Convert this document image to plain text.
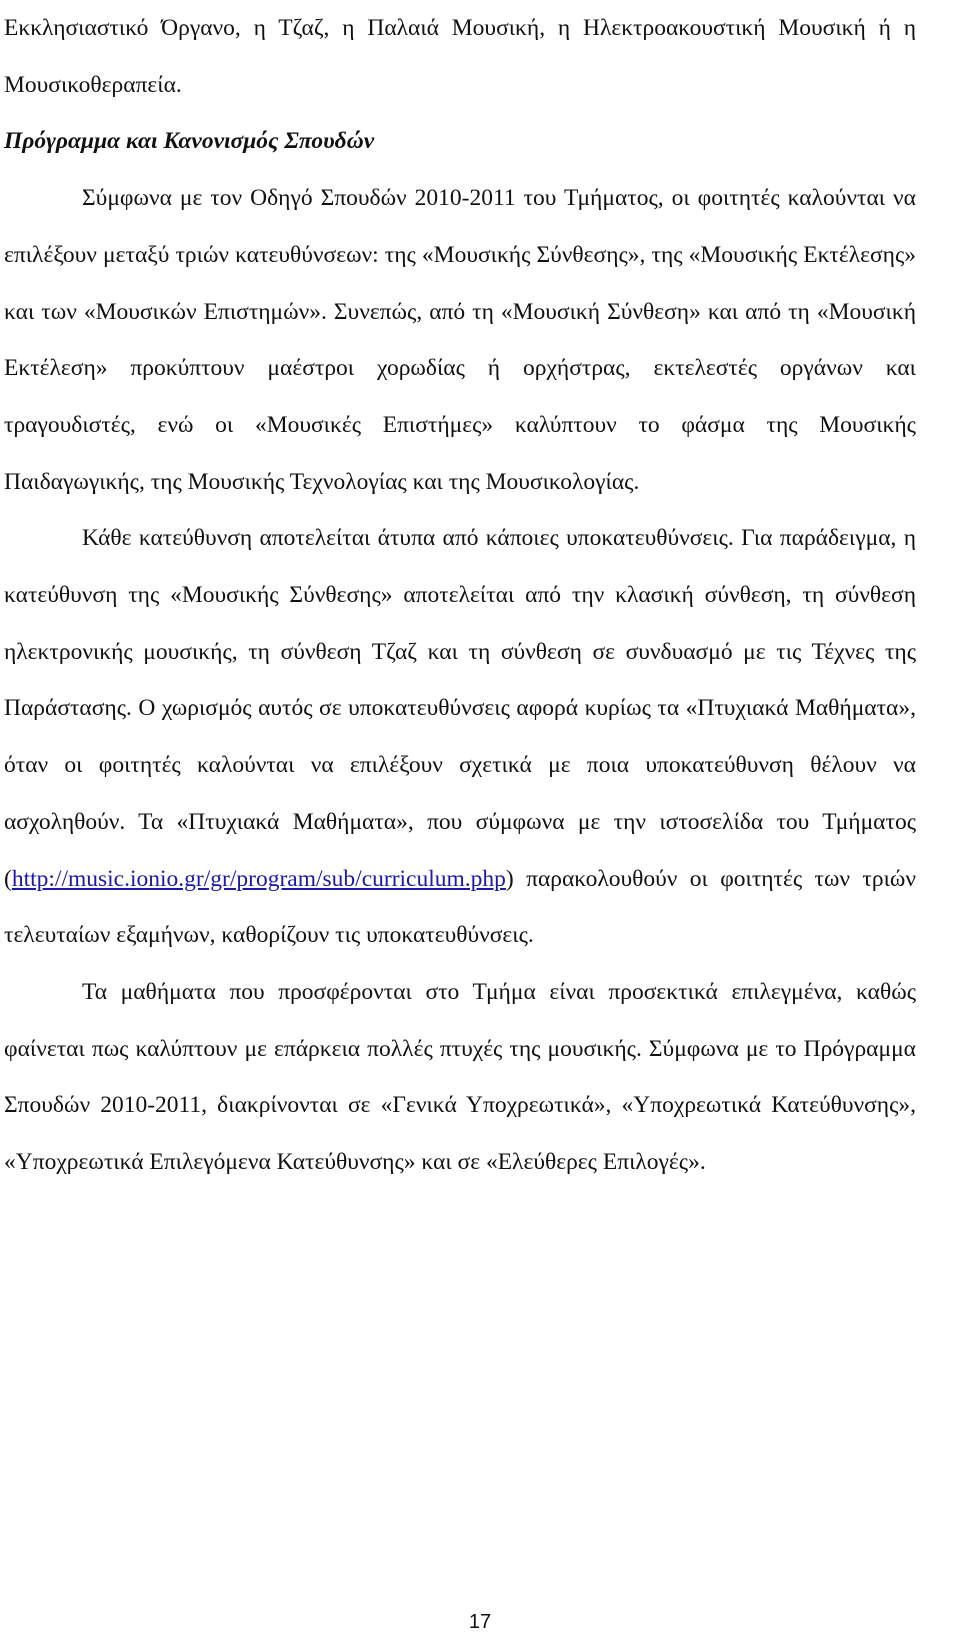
Εκκλησιαστικό Όργανο, η Τζαζ, η Παλαιά Μουσική, η Ηλεκτροακουστική Μουσική ή η Μουσικοθεραπεία.

Πρόγραμμα και Κανονισμός Σπουδών

Σύμφωνα με τον Οδηγό Σπουδών 2010-2011 του Τμήματος, οι φοιτητές καλούνται να επιλέξουν μεταξύ τριών κατευθύνσεων: της «Μουσικής Σύνθεσης», της «Μουσικής Εκτέλεσης» και των «Μουσικών Επιστημών». Συνεπώς, από τη «Μουσική Σύνθεση» και από τη «Μουσική Εκτέλεση» προκύπτουν μαέστροι χορωδίας ή ορχήστρας, εκτελεστές οργάνων και τραγουδιστές, ενώ οι «Μουσικές Επιστήμες» καλύπτουν το φάσμα της Μουσικής Παιδαγωγικής, της Μουσικής Τεχνολογίας και της Μουσικολογίας.

Κάθε κατεύθυνση αποτελείται άτυπα από κάποιες υποκατευθύνσεις. Για παράδειγμα, η κατεύθυνση της «Μουσικής Σύνθεσης» αποτελείται από την κλασική σύνθεση, τη σύνθεση ηλεκτρονικής μουσικής, τη σύνθεση Τζαζ και τη σύνθεση σε συνδυασμό με τις Τέχνες της Παράστασης. Ο χωρισμός αυτός σε υποκατευθύνσεις αφορά κυρίως τα «Πτυχιακά Μαθήματα», όταν οι φοιτητές καλούνται να επιλέξουν σχετικά με ποια υποκατεύθυνση θέλουν να ασχοληθούν. Τα «Πτυχιακά Μαθήματα», που σύμφωνα με την ιστοσελίδα του Τμήματος (http://music.ionio.gr/gr/program/sub/curriculum.php) παρακολουθούν οι φοιτητές των τριών τελευταίων εξαμήνων, καθορίζουν τις υποκατευθύνσεις.

Τα μαθήματα που προσφέρονται στο Τμήμα είναι προσεκτικά επιλεγμένα, καθώς φαίνεται πως καλύπτουν με επάρκεια πολλές πτυχές της μουσικής. Σύμφωνα με το Πρόγραμμα Σπουδών 2010-2011, διακρίνονται σε «Γενικά Υποχρεωτικά», «Υποχρεωτικά Κατεύθυνσης», «Υποχρεωτικά Επιλεγόμενα Κατεύθυνσης» και σε «Ελεύθερες Επιλογές».

17
